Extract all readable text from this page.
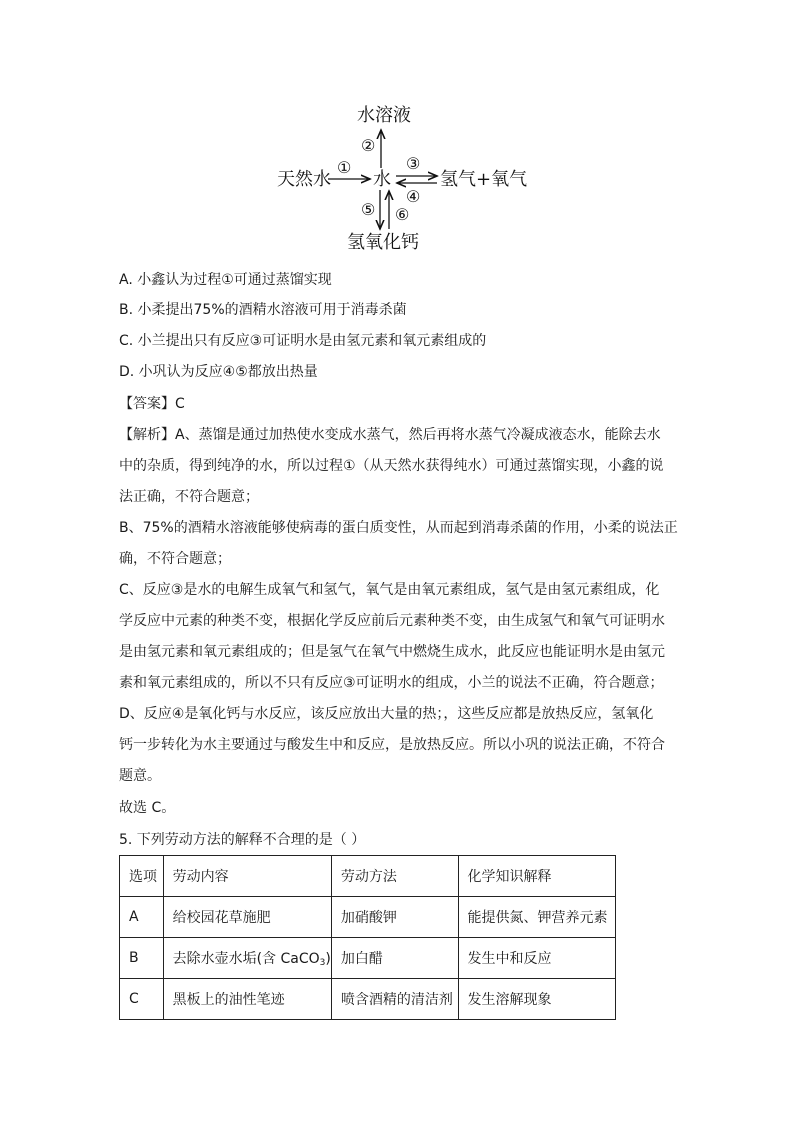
水溶液
天然水 水	氢气+氧气
氢氧化钙
①
②
③
④
⑤ ⑥
A. 小鑫认为过程①可通过蒸馏实现
B. 小柔提出75%的酒精水溶液可用于消毒杀菌
C. 小兰提出只有反应③可证明水是由氢元素和氧元素组成的
D. 小巩认为反应④⑤都放出热量
【答案】C
【解析】A、蒸馏是通过加热使水变成水蒸气，然后再将水蒸气冷凝成液态水，能除去水
中的杂质，得到纯净的水，所以过程①（从天然水获得纯水）可通过蒸馏实现，小鑫的说
法正确，不符合题意；
B、75%的酒精水溶液能够使病毒的蛋白质变性，从而起到消毒杀菌的作用，小柔的说法正
确，不符合题意；
C、反应③是水的电解生成氧气和氢气，氧气是由氧元素组成，氢气是由氢元素组成，化
学反应中元素的种类不变，根据化学反应前后元素种类不变，由生成氢气和氧气可证明水
是由氢元素和氧元素组成的；但是氢气在氧气中燃烧生成水，此反应也能证明水是由氢元
素和氧元素组成的，所以不只有反应③可证明水的组成，小兰的说法不正确，符合题意；
D、反应④是氧化钙与水反应，该反应放出大量的热；，这些反应都是放热反应，氢氧化
钙一步转化为水主要通过与酸发生中和反应，是放热反应。所以小巩的说法正确，不符合
题意。
故选 C。
5. 下列劳动方法的解释不合理的是（ ）
选项	劳动内容	劳动方法	化学知识解释
A	给校园花草施肥	加硝酸钾	能提供氮、钾营养元素
B	去除水壶水垢(含 CaCO$_3$)	加白醋	发生中和反应
C	黑板上的油性笔迹	喷含酒精的清洁剂	发生溶解现象
